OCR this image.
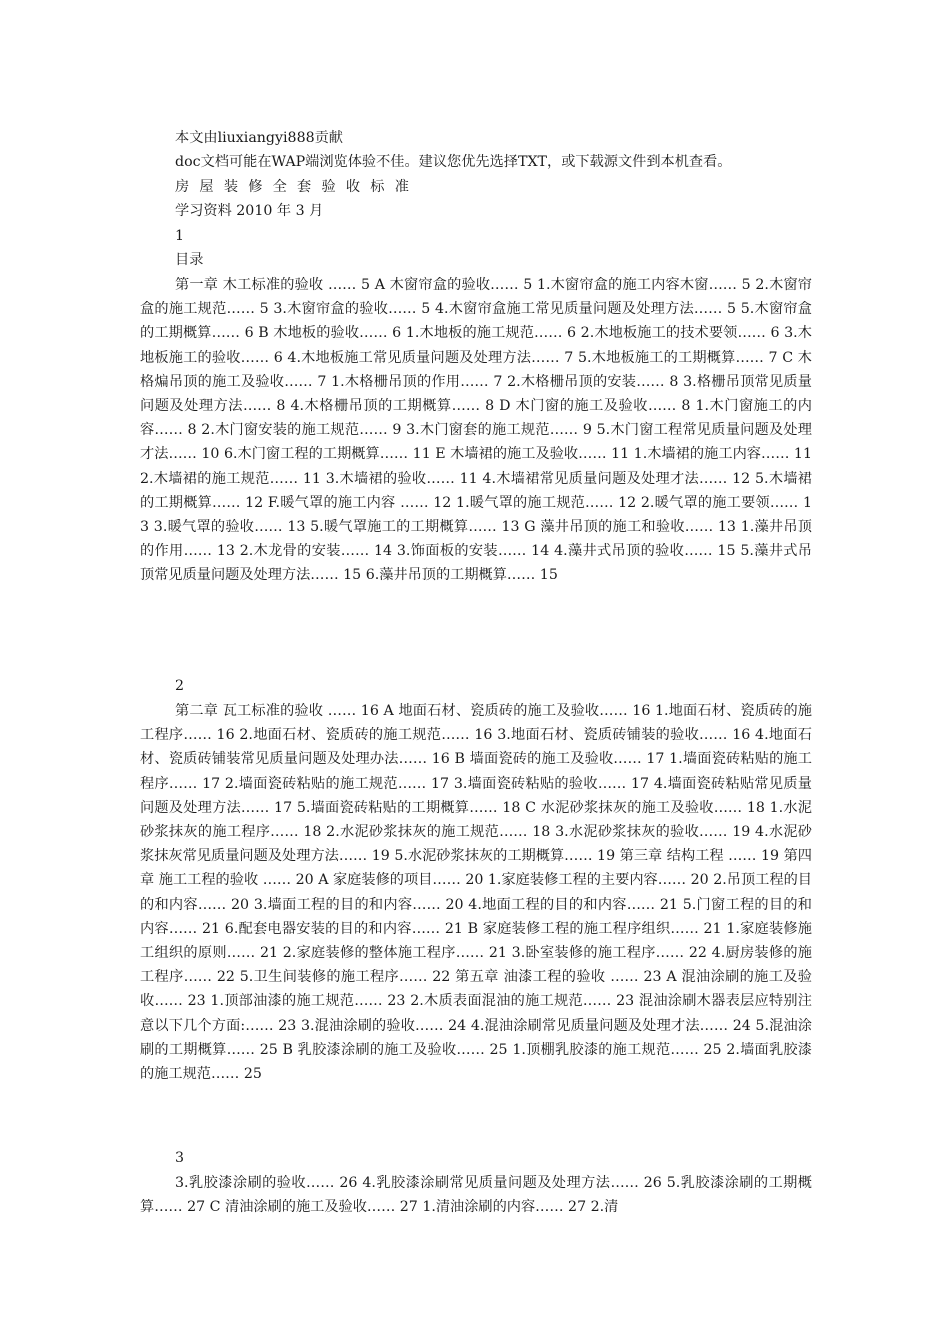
本文由liuxiangyi888贡献
doc文档可能在WAP端浏览体验不佳。建议您优先选择TXT，或下载源文件到本机查看。
房屋装修全套验收标准
学习资料 2010 年 3 月
1
目录
第一章 木工标准的验收 …… 5 A 木窗帘盒的验收…… 5 1.木窗帘盒的施工内容木窗…… 5 2.木窗帘盒的施工规范…… 5 3.木窗帘盒的验收…… 5 4.木窗帘盒施工常见质量问题及处理方法…… 5 5.木窗帘盒的工期概算…… 6 B 木地板的验收…… 6 1.木地板的施工规范…… 6 2.木地板施工的技术要领…… 6 3.木地板施工的验收…… 6 4.木地板施工常见质量问题及处理方法…… 7 5.木地板施工的工期概算…… 7 C 木格煸吊顶的施工及验收…… 7 1.木格栅吊顶的作用…… 7 2.木格栅吊顶的安装…… 8 3.格栅吊顶常见质量问题及处理方法…… 8 4.木格栅吊顶的工期概算…… 8 D 木门窗的施工及验收…… 8 1.木门窗施工的内容…… 8 2.木门窗安装的施工规范…… 9 3.木门窗套的施工规范…… 9 5.木门窗工程常见质量问题及处理才法…… 10 6.木门窗工程的工期概算…… 11 E 木墙裙的施工及验收…… 11 1.木墙裙的施工内容…… 11 2.木墙裙的施工规范…… 11 3.木墙裙的验收…… 11 4.木墙裙常见质量问题及处理才法…… 12 5.木墙裙的工期概算…… 12 F.暖气罩的施工内容 …… 12 1.暖气罩的施工规范…… 12 2.暖气罩的施工要领…… 13 3.暖气罩的验收…… 13 5.暖气罩施工的工期概算…… 13 G 藻井吊顶的施工和验收…… 13 1.藻井吊顶的作用…… 13 2.木龙骨的安装…… 14 3.饰面板的安装…… 14 4.藻井式吊顶的验收…… 15 5.藻井式吊顶常见质量问题及处理方法…… 15 6.藻井吊顶的工期概算…… 15
2
第二章 瓦工标准的验收 …… 16 A 地面石材、瓷质砖的施工及验收…… 16 1.地面石材、瓷质砖的施工程序…… 16 2.地面石材、瓷质砖的施工规范…… 16 3.地面石材、瓷质砖铺装的验收…… 16 4.地面石材、瓷质砖铺装常见质量问题及处理办法…… 16 B 墙面瓷砖的施工及验收…… 17 1.墙面瓷砖粘贴的施工程序…… 17 2.墙面瓷砖粘贴的施工规范…… 17 3.墙面瓷砖粘贴的验收…… 17 4.墙面瓷砖粘贴常见质量问题及处理方法…… 17 5.墙面瓷砖粘贴的工期概算…… 18 C 水泥砂浆抹灰的施工及验收…… 18 1.水泥砂浆抹灰的施工程序…… 18 2.水泥砂浆抹灰的施工规范…… 18 3.水泥砂浆抹灰的验收…… 19 4.水泥砂浆抹灰常见质量问题及处理方法…… 19 5.水泥砂浆抹灰的工期概算…… 19 第三章 结构工程 …… 19 第四章 施工工程的验收 …… 20 A 家庭装修的项目…… 20 1.家庭装修工程的主要内容…… 20 2.吊顶工程的目的和内容…… 20 3.墙面工程的目的和内容…… 20 4.地面工程的目的和内容…… 21 5.门窗工程的目的和内容…… 21 6.配套电器安装的目的和内容…… 21 B 家庭装修工程的施工程序组织…… 21 1.家庭装修施工组织的原则…… 21 2.家庭装修的整体施工程序…… 21 3.卧室装修的施工程序…… 22 4.厨房装修的施工程序…… 22 5.卫生间装修的施工程序…… 22 第五章 油漆工程的验收 …… 23 A 混油涂刷的施工及验收…… 23 1.顶部油漆的施工规范…… 23 2.木质表面混油的施工规范…… 23 混油涂刷木器表层应特别注意以下几个方面:…… 23 3.混油涂刷的验收…… 24 4.混油涂刷常见质量问题及处理才法…… 24 5.混油涂刷的工期概算…… 25 B 乳胶漆涂刷的施工及验收…… 25 1.顶棚乳胶漆的施工规范…… 25 2.墙面乳胶漆的施工规范…… 25
3
3.乳胶漆涂刷的验收…… 26 4.乳胶漆涂刷常见质量问题及处理方法…… 26 5.乳胶漆涂刷的工期概算…… 27 C 清油涂刷的施工及验收…… 27 1.清油涂刷的内容…… 27 2.清
